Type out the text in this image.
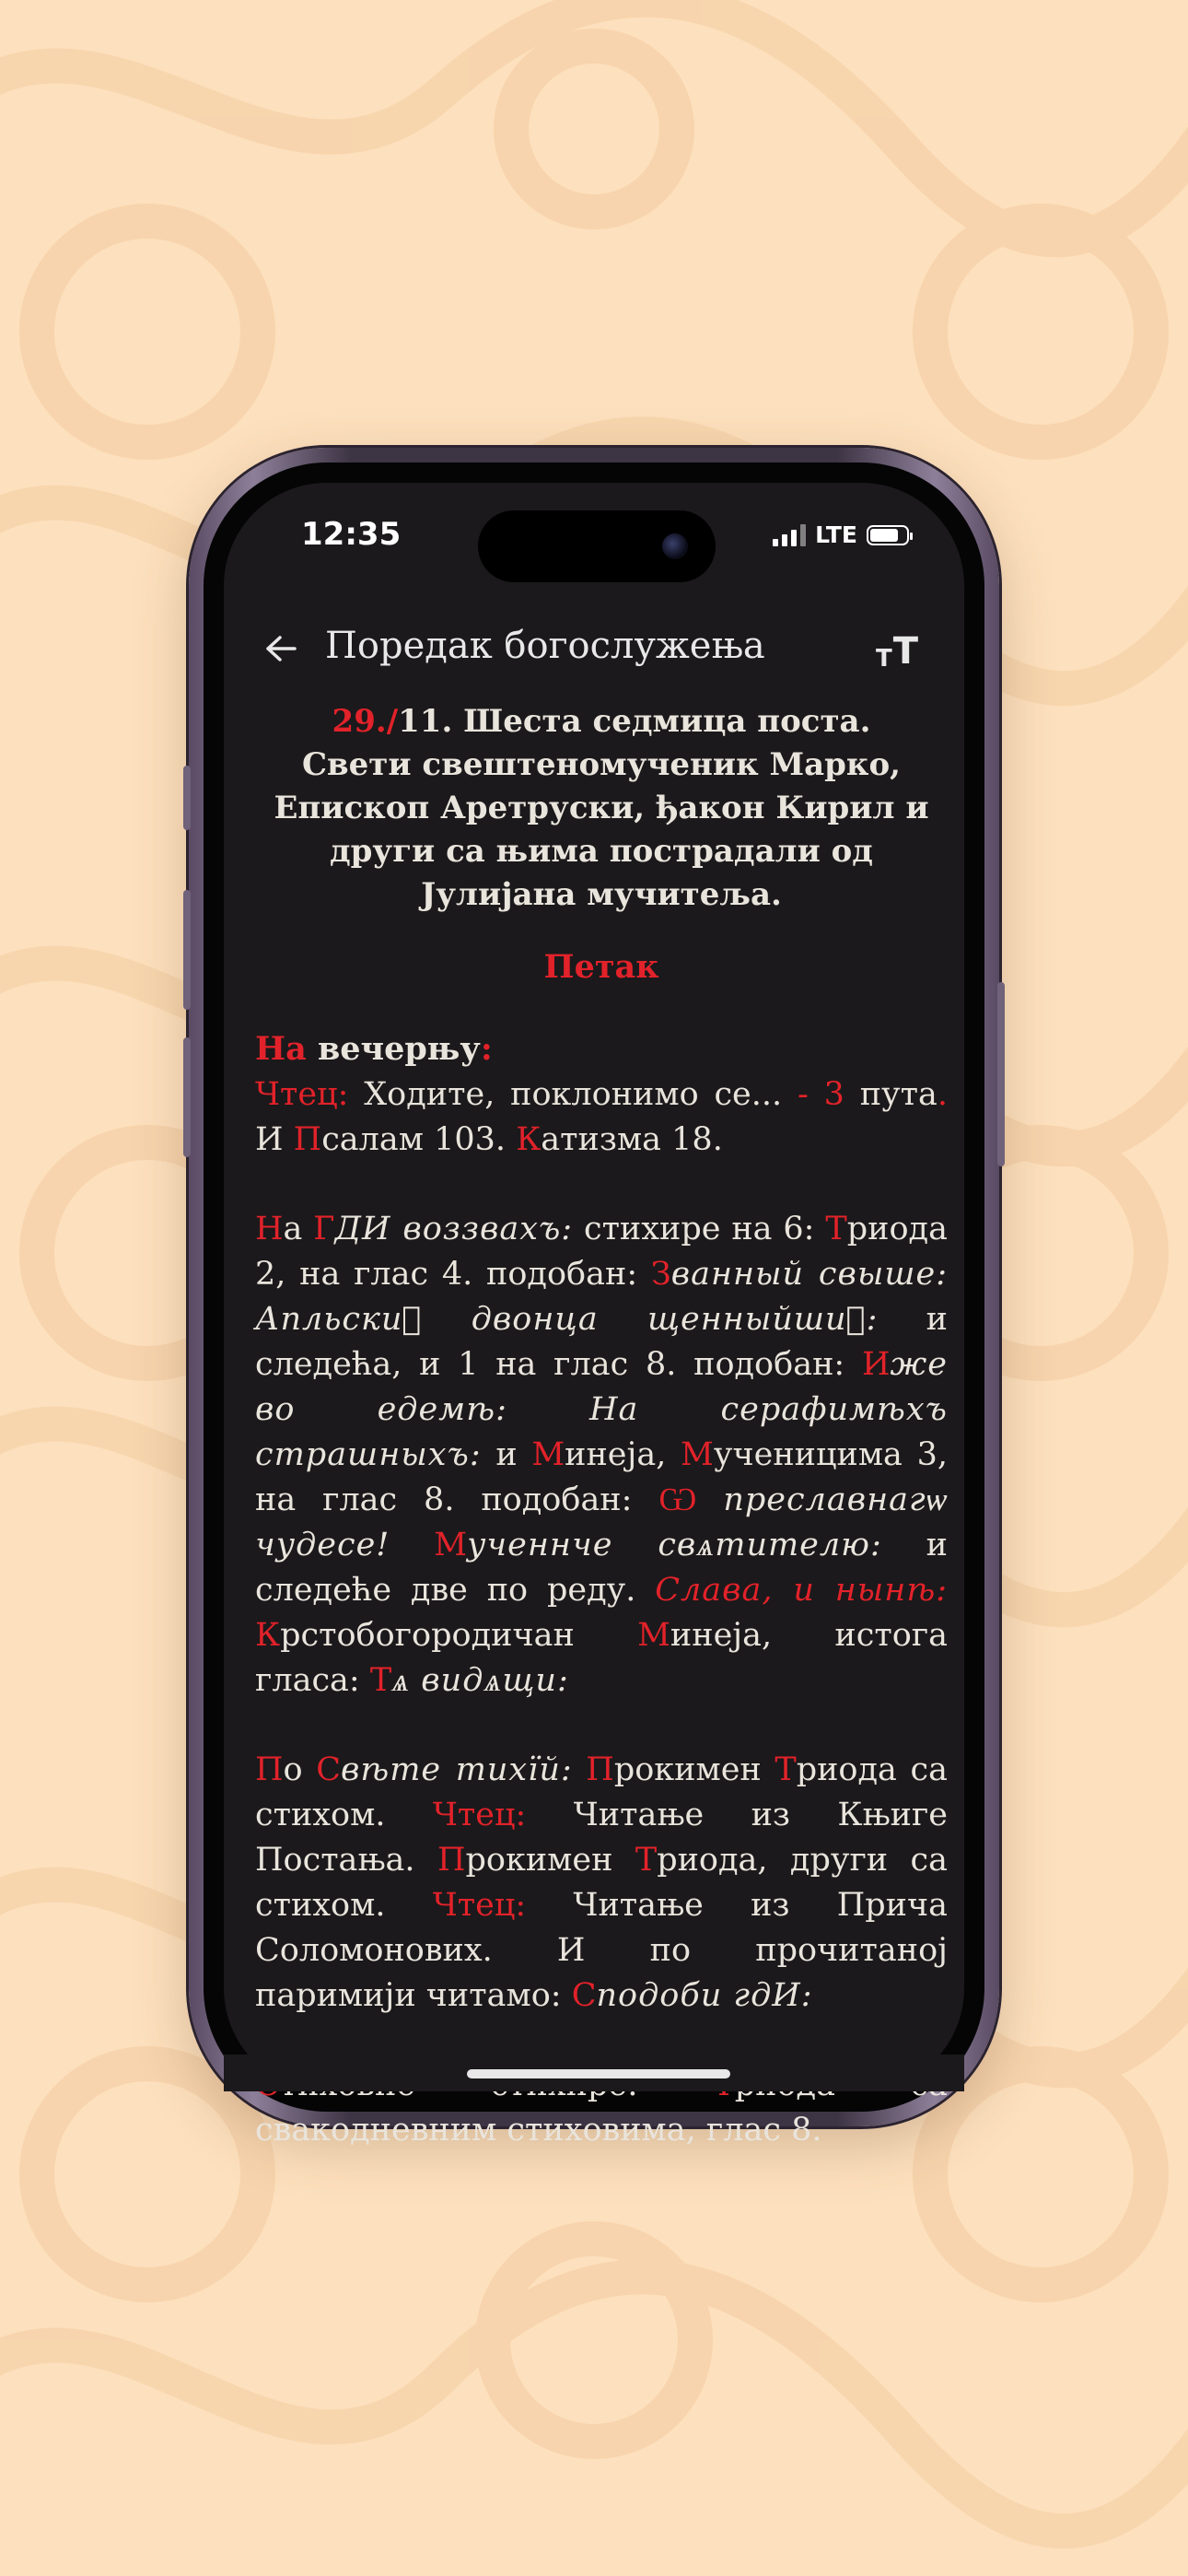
12:35	LTE
Поредак богослужења	T T
29./11. Шеста седмица поста.
Свети свештеномученик Марко, Епископ Аретруски, ђакон Кирил и други са њима пострадали од Јулијана мучитеља.
Петак

На вечерњу:
Чтец: Ходите, поклонимо се... - 3 пута. И Псалам 103. Катизма 18.

На ГДИ воззвахъ: стихире на 6: Триода 2, на глас 4. подобан: Званный свыше: Апльскиⷦ двонца щенныйшиⷦ: и следећа, и 1 на глас 8. подобан: Иже во едемѣ: На серафимѣхъ страшныхъ: и Минеја, Мученицима 3, на глас 8. подобан: Ѡ преславнагѡ чудесе! Мученнче свѧтителю: и следеће две по реду. Слава, и нынѣ: Крстобогородичан Минеја, истога гласа: Тѧ видѧщи:

По Свѣте тихїй: Прокимен Триода са стихом. Чтец: Читање из Књиге Постања. Прокимен Триода, други са стихом. Чтец: Читање из Прича Соломонових. И по прочитаној паримији читамо: Сподоби гдИ:

свакодневним стиховима, глас 8.
